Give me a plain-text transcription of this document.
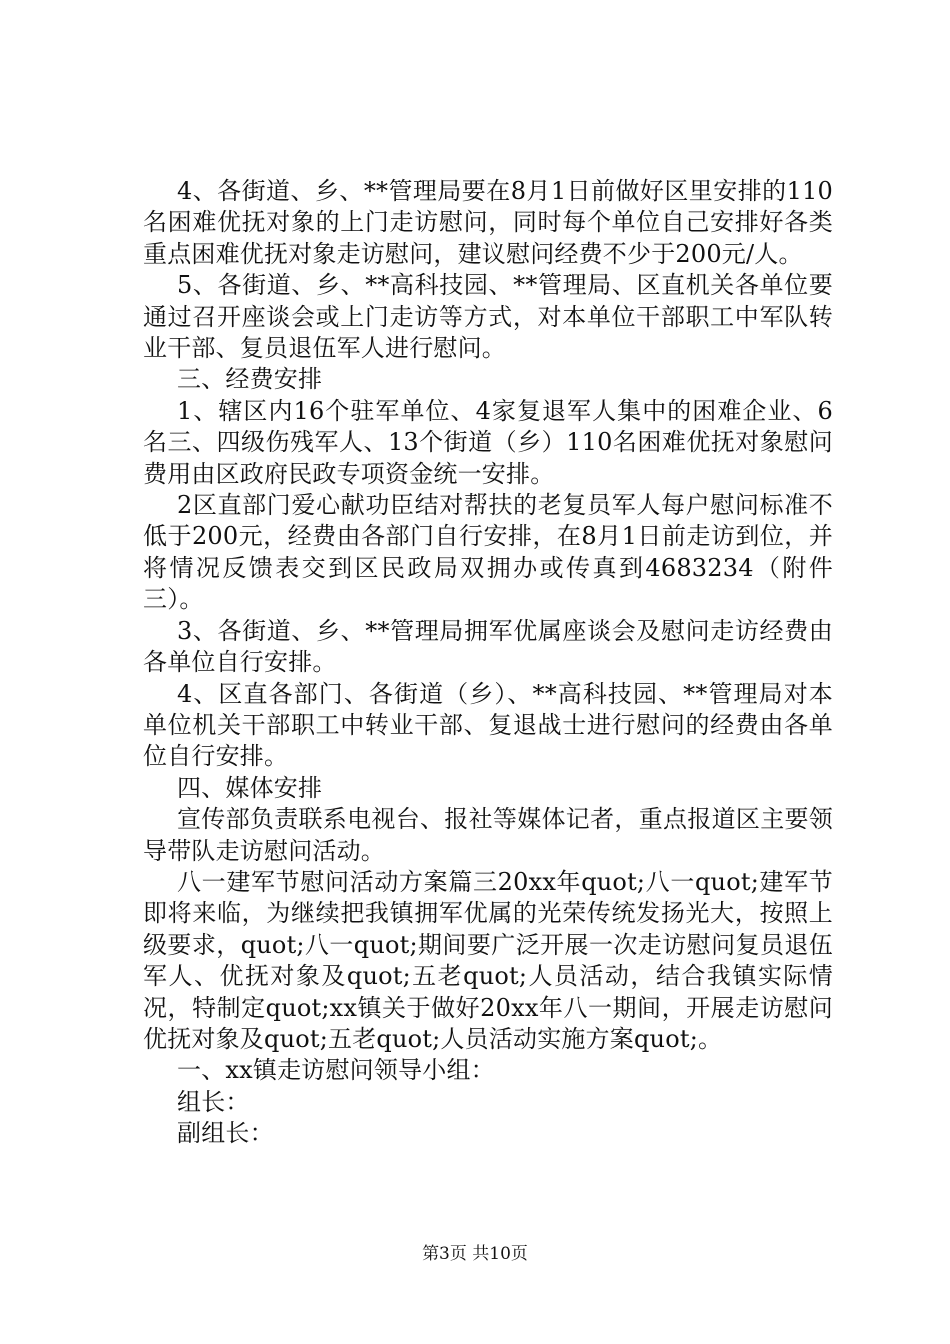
4、各街道、乡、**管理局要在8月1日前做好区里安排的110名困难优抚对象的上门走访慰问，同时每个单位自己安排好各类重点困难优抚对象走访慰问，建议慰问经费不少于200元/人。

5、各街道、乡、**高科技园、**管理局、区直机关各单位要通过召开座谈会或上门走访等方式，对本单位干部职工中军队转业干部、复员退伍军人进行慰问。

三、经费安排

1、辖区内16个驻军单位、4家复退军人集中的困难企业、6名三、四级伤残军人、13个街道（乡）110名困难优抚对象慰问费用由区政府民政专项资金统一安排。

2区直部门爱心献功臣结对帮扶的老复员军人每户慰问标准不低于200元，经费由各部门自行安排，在8月1日前走访到位，并将情况反馈表交到区民政局双拥办或传真到4683234（附件三）。

3、各街道、乡、**管理局拥军优属座谈会及慰问走访经费由各单位自行安排。

4、区直各部门、各街道（乡）、**高科技园、**管理局对本单位机关干部职工中转业干部、复退战士进行慰问的经费由各单位自行安排。

四、媒体安排

宣传部负责联系电视台、报社等媒体记者，重点报道区主要领导带队走访慰问活动。

八一建军节慰问活动方案篇三20xx年quot;八一quot;建军节即将来临，为继续把我镇拥军优属的光荣传统发扬光大，按照上级要求，quot;八一quot;期间要广泛开展一次走访慰问复员退伍军人、优抚对象及quot;五老quot;人员活动，结合我镇实际情况，特制定quot;xx镇关于做好20xx年八一期间，开展走访慰问优抚对象及quot;五老quot;人员活动实施方案quot;。

一、xx镇走访慰问领导小组：

组长：

副组长：

第3页 共10页
